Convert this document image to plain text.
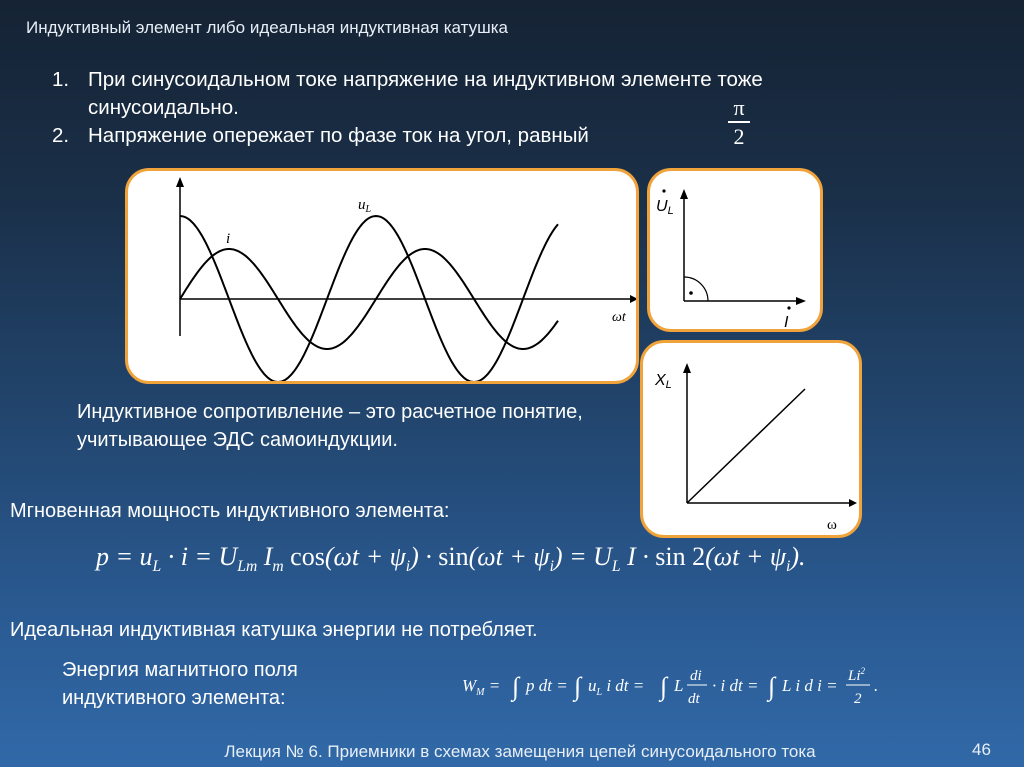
Индуктивный элемент либо идеальная индуктивная катушка
1. При синусоидальном токе напряжение на индуктивном элементе тоже синусоидально.
2. Напряжение опережает по фазе ток на угол, равный
π
2
$u_L$
i
ωt
UL
I
XL
ω
Индуктивное сопротивление – это расчетное понятие, учитывающее ЭДС самоиндукции.
Мгновенная мощность индуктивного элемента:
$p = u_L \cdot i = U_{Lm}$ $I_m$ $\cos(\omega t + \psi_i) \cdot \sin(\omega t + \psi_i) = U_L$ $I \cdot \sin 2(\omega t + \psi_i)$.
Идеальная индуктивная катушка энергии не потребляет.
Энергия магнитного поля индуктивного элемента:
$W_M$ = ∫ p dt = ∫ $u_L$ i dt = ∫ L di
dt
· i dt = ∫ L i d $i = Li^2$
2
.
Лекция № 6. Приемники в схемах замещения цепей синусоидального тока	46
